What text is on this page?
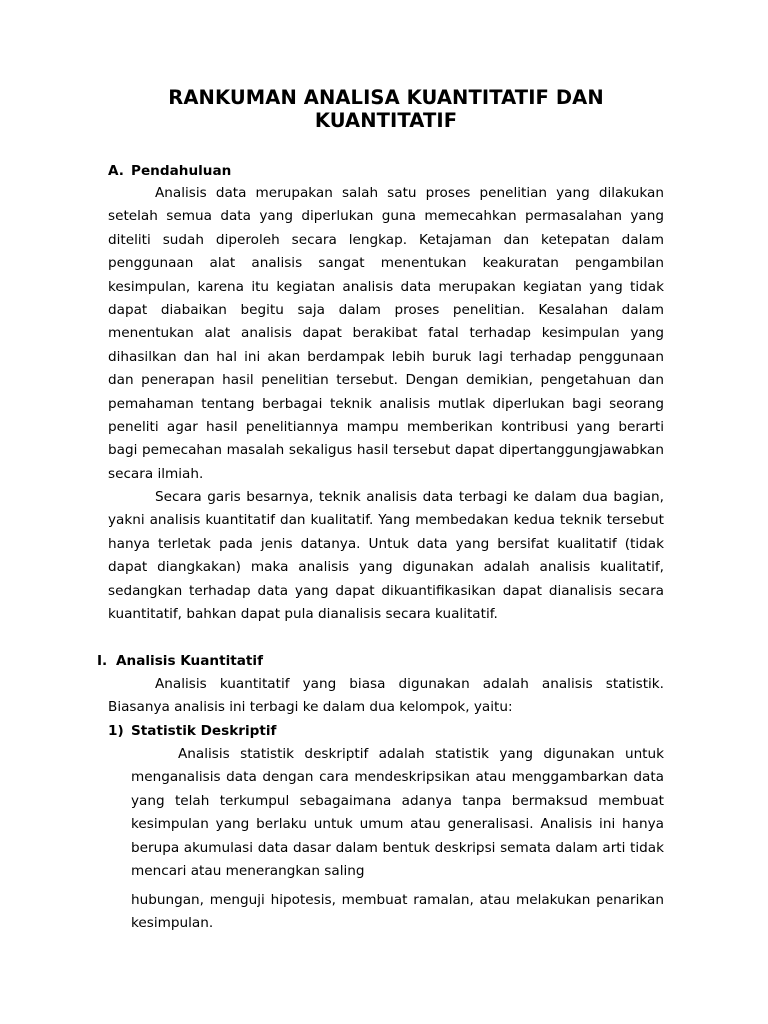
RANKUMAN ANALISA KUANTITATIF DAN KUANTITATIF
A. Pendahuluan

Analisis data merupakan salah satu proses penelitian yang dilakukan setelah semua data yang diperlukan guna memecahkan permasalahan yang diteliti sudah diperoleh secara lengkap. Ketajaman dan ketepatan dalam penggunaan alat analisis sangat menentukan keakuratan pengambilan kesimpulan, karena itu kegiatan analisis data merupakan kegiatan yang tidak dapat diabaikan begitu saja dalam proses penelitian. Kesalahan dalam menentukan alat analisis dapat berakibat fatal terhadap kesimpulan yang dihasilkan dan hal ini akan berdampak lebih buruk lagi terhadap penggunaan dan penerapan hasil penelitian tersebut. Dengan demikian, pengetahuan dan pemahaman tentang berbagai teknik analisis mutlak diperlukan bagi seorang peneliti agar hasil penelitiannya mampu memberikan kontribusi yang berarti bagi pemecahan masalah sekaligus hasil tersebut dapat dipertanggungjawabkan secara ilmiah.

Secara garis besarnya, teknik analisis data terbagi ke dalam dua bagian, yakni analisis kuantitatif dan kualitatif. Yang membedakan kedua teknik tersebut hanya terletak pada jenis datanya. Untuk data yang bersifat kualitatif (tidak dapat diangkakan) maka analisis yang digunakan adalah analisis kualitatif, sedangkan terhadap data yang dapat dikuantifikasikan dapat dianalisis secara kuantitatif, bahkan dapat pula dianalisis secara kualitatif.

I. Analisis Kuantitatif

Analisis kuantitatif yang biasa digunakan adalah analisis statistik. Biasanya analisis ini terbagi ke dalam dua kelompok, yaitu:

1) Statistik Deskriptif

Analisis statistik deskriptif adalah statistik yang digunakan untuk menganalisis data dengan cara mendeskripsikan atau menggambarkan data yang telah terkumpul sebagaimana adanya tanpa bermaksud membuat kesimpulan yang berlaku untuk umum atau generalisasi. Analisis ini hanya berupa akumulasi data dasar dalam bentuk deskripsi semata dalam arti tidak mencari atau menerangkan saling

hubungan, menguji hipotesis, membuat ramalan, atau melakukan penarikan kesimpulan.
